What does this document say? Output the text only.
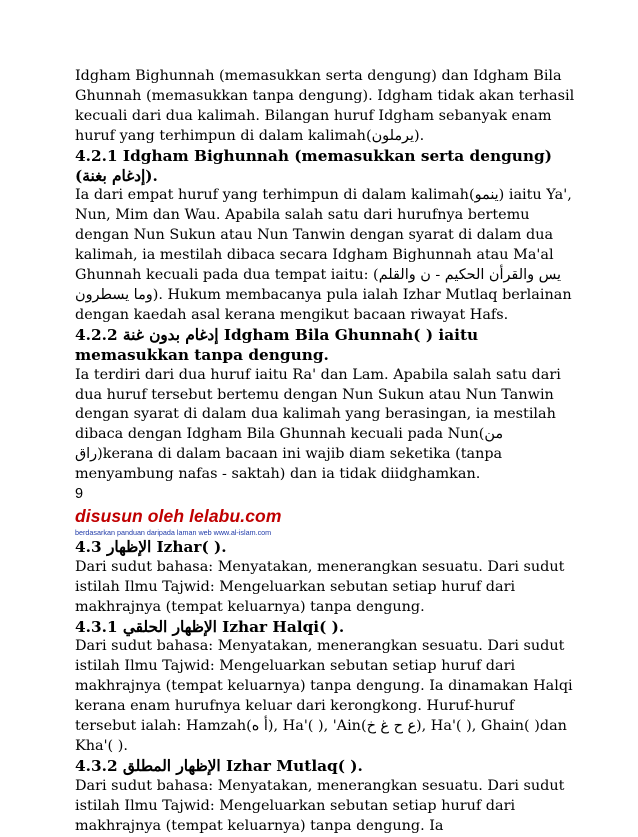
Idgham Bighunnah (memasukkan serta dengung) dan Idgham Bila Ghunnah (memasukkan tanpa dengung). Idgham tidak akan terhasil kecuali dari dua kalimah. Bilangan huruf Idgham sebanyak enam huruf yang terhimpun di dalam kalimah(يرملون).

4.2.1 Idgham Bighunnah (memasukkan serta dengung)(إدغام بغنة).

Ia dari empat huruf yang terhimpun di dalam kalimah(ينمو) iaitu Ya', Nun, Mim dan Wau. Apabila salah satu dari hurufnya bertemu dengan Nun Sukun atau Nun Tanwin dengan syarat di dalam dua kalimah, ia mestilah dibaca secara Idgham Bighunnah atau Ma'al Ghunnah kecuali pada dua tempat iaitu: (يس والقرأن الحكيم - ن والقلم وما يسطرون). Hukum membacanya pula ialah Izhar Mutlaq berlainan dengan kaedah asal kerana mengikut bacaan riwayat Hafs.

4.2.2 إدغام بدون غنة Idgham Bila Ghunnah( ) iaitu memasukkan tanpa dengung.

Ia terdiri dari dua huruf iaitu Ra' dan Lam. Apabila salah satu dari dua huruf tersebut bertemu dengan Nun Sukun atau Nun Tanwin dengan syarat di dalam dua kalimah yang berasingan, ia mestilah dibaca dengan Idgham Bila Ghunnah kecuali pada Nun(من راق)kerana di dalam bacaan ini wajib diam seketika (tanpa menyambung nafas - saktah) dan ia tidak diidghamkan.

9

disusun oleh lelabu.com

berdasarkan panduan daripada laman web www.al-islam.com

4.3 الإظهار Izhar( ).

Dari sudut bahasa: Menyatakan, menerangkan sesuatu. Dari sudut istilah Ilmu Tajwid: Mengeluarkan sebutan setiap huruf dari makhrajnya (tempat keluarnya) tanpa dengung.

4.3.1 الإظهار الحلقي Izhar Halqi( ).

Dari sudut bahasa: Menyatakan, menerangkan sesuatu. Dari sudut istilah Ilmu Tajwid: Mengeluarkan sebutan setiap huruf dari makhrajnya (tempat keluarnya) tanpa dengung. Ia dinamakan Halqi kerana enam hurufnya keluar dari kerongkong. Huruf-huruf tersebut ialah: Hamzah(أ ه), Ha'( ), 'Ain(ع ح غ خ), Ha'( ), Ghain( )dan Kha'( ).

4.3.2 الإظهار المطلق Izhar Mutlaq( ).

Dari sudut bahasa: Menyatakan, menerangkan sesuatu. Dari sudut istilah Ilmu Tajwid: Mengeluarkan sebutan setiap huruf dari makhrajnya (tempat keluarnya) tanpa dengung. Ia
